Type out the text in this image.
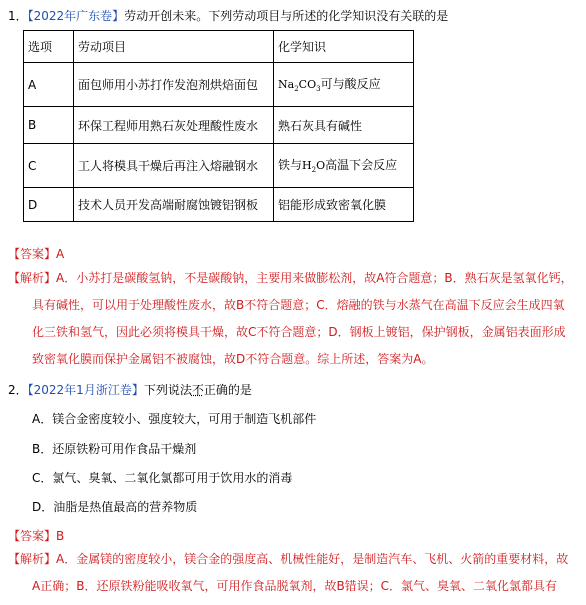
1．【2022年广东卷】劳动开创未来。下列劳动项目与所述的化学知识没有关联的是
选项	劳动项目	化学知识
A	面包师用小苏打作发泡剂烘焙面包	$Na_2CO_3$可与酸反应
B	环保工程师用熟石灰处理酸性废水	熟石灰具有碱性
C	工人将模具干燥后再注入熔融钢水	铁与$H_2O$高温下会反应
D	技术人员开发高端耐腐蚀镀铝钢板	铝能形成致密氧化膜
【答案】A
【解析】A．小苏打是碳酸氢钠，不是碳酸钠，主要用来做膨松剂，故A符合题意；B．熟石灰是氢氧化钙，
具有碱性，可以用于处理酸性废水，故B不符合题意；C．熔融的铁与水蒸气在高温下反应会生成四氧
化三铁和氢气，因此必须将模具干燥，故C不符合题意；D．钢板上镀铝，保护钢板，金属铝表面形成
致密氧化膜而保护金属铝不被腐蚀，故D不符合题意。综上所述，答案为A。
2．【2022年1月浙江卷】下列说法不正确的是
A．镁合金密度较小、强度较大，可用于制造飞机部件
B．还原铁粉可用作食品干燥剂
C．氯气、臭氧、二氧化氯都可用于饮用水的消毒
D．油脂是热值最高的营养物质
【答案】B
【解析】A．金属镁的密度较小，镁合金的强度高、机械性能好，是制造汽车、飞机、火箭的重要材料，故
A正确；B．还原铁粉能吸收氧气，可用作食品脱氧剂，故B错误；C．氯气、臭氧、二氧化氯都具有
